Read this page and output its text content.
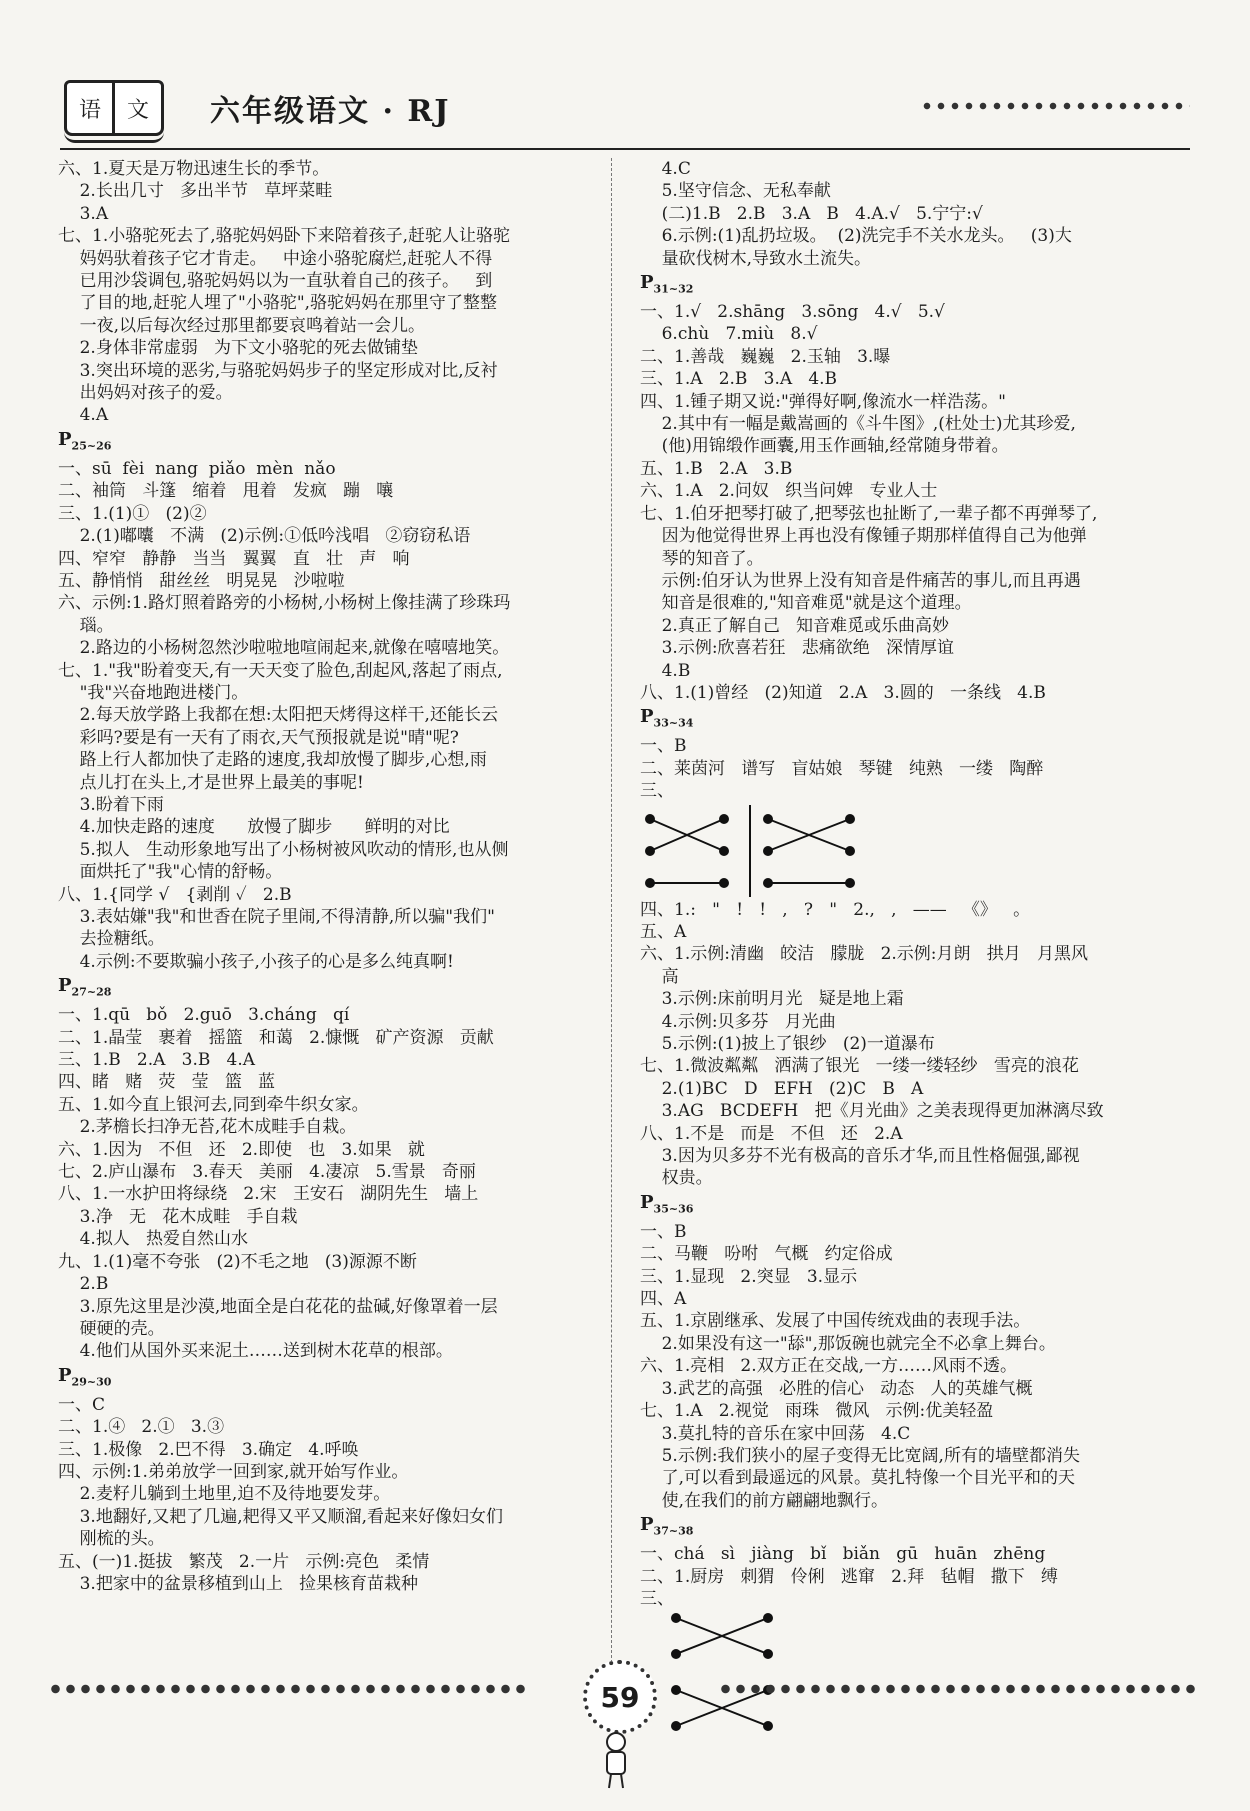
语	文	六年级语文 · RJ
六、1.夏天是万物迅速生长的季节。
2.长出几寸   多出半节   草坪菜畦
3.A
七、1.小骆驼死去了,骆驼妈妈卧下来陪着孩子,赶驼人让骆驼
妈妈驮着孩子它才肯走。   中途小骆驼腐烂,赶驼人不得
已用沙袋调包,骆驼妈妈以为一直驮着自己的孩子。   到
了目的地,赶驼人埋了"小骆驼",骆驼妈妈在那里守了整整
一夜,以后每次经过那里都要哀鸣着站一会儿。
2.身体非常虚弱   为下文小骆驼的死去做铺垫
3.突出环境的恶劣,与骆驼妈妈步子的坚定形成对比,反衬
出妈妈对孩子的爱。
4.A
$P_{25\sim 26}$
一、sū  fèi  nang  piǎo  mèn  nǎo
二、袖筒   斗篷   缩着   甩着   发疯   蹦   嚷
三、1.(1)①   (2)②
2.(1)嘟囔   不满   (2)示例:①低吟浅唱   ②窃窃私语
四、窄窄   静静   当当   翼翼   直   壮   声   响
五、静悄悄   甜丝丝   明晃晃   沙啦啦
六、示例:1.路灯照着路旁的小杨树,小杨树上像挂满了珍珠玛
瑙。
2.路边的小杨树忽然沙啦啦地喧闹起来,就像在嘻嘻地笑。
七、1."我"盼着变天,有一天天变了脸色,刮起风,落起了雨点,
"我"兴奋地跑进楼门。
2.每天放学路上我都在想:太阳把天烤得这样干,还能长云
彩吗?要是有一天有了雨衣,天气预报就是说"晴"呢?
路上行人都加快了走路的速度,我却放慢了脚步,心想,雨
点儿打在头上,才是世界上最美的事呢!
3.盼着下雨
4.加快走路的速度      放慢了脚步      鲜明的对比
5.拟人   生动形象地写出了小杨树被风吹动的情形,也从侧
面烘托了"我"心情的舒畅。
八、1.{同学 √   {剥削 ✓   2.B
3.表姑嫌"我"和世香在院子里闹,不得清静,所以骗"我们"
去捡糖纸。
4.示例:不要欺骗小孩子,小孩子的心是多么纯真啊!
$P_{27\sim 28}$
一、1.qū   bǒ   2.guō   3.cháng   qí
二、1.晶莹   裹着   摇篮   和蔼   2.慷慨   矿产资源   贡献
三、1.B   2.A   3.B   4.A
四、睹   赌   荧   莹   篮   蓝
五、1.如今直上银河去,同到牵牛织女家。
2.茅檐长扫净无苔,花木成畦手自栽。
六、1.因为   不但   还   2.即使   也   3.如果   就
七、2.庐山瀑布   3.春天   美丽   4.凄凉   5.雪景   奇丽
八、1.一水护田将绿绕   2.宋   王安石   湖阴先生   墙上
3.净   无   花木成畦   手自栽
4.拟人   热爱自然山水
九、1.(1)毫不夸张   (2)不毛之地   (3)源源不断
2.B
3.原先这里是沙漠,地面全是白花花的盐碱,好像罩着一层
硬硬的壳。
4.他们从国外买来泥土……送到树木花草的根部。
$P_{29\sim 30}$
一、C
二、1.④   2.①   3.③
三、1.极像   2.巴不得   3.确定   4.呼唤
四、示例:1.弟弟放学一回到家,就开始写作业。
2.麦籽儿躺到土地里,迫不及待地要发芽。
3.地翻好,又耙了几遍,耙得又平又顺溜,看起来好像妇女们
刚梳的头。
五、(一)1.挺拔   繁茂   2.一片   示例:亮色   柔情
3.把家中的盆景移植到山上   捡果核育苗栽种
4.C
5.坚守信念、无私奉献
(二)1.B   2.B   3.A   B   4.A.√   5.宁宁:√
6.示例:(1)乱扔垃圾。  (2)洗完手不关水龙头。   (3)大
量砍伐树木,导致水土流失。
$P_{31\sim 32}$
一、1.√   2.shāng   3.sōng   4.√   5.√
6.chù   7.miù   8.√
二、1.善哉   巍巍   2.玉轴   3.曝
三、1.A   2.B   3.A   4.B
四、1.锺子期又说:"弹得好啊,像流水一样浩荡。"
2.其中有一幅是戴嵩画的《斗牛图》,(杜处士)尤其珍爱,
(他)用锦缎作画囊,用玉作画轴,经常随身带着。
五、1.B   2.A   3.B
六、1.A   2.问奴   织当问婢   专业人士
七、1.伯牙把琴打破了,把琴弦也扯断了,一辈子都不再弹琴了,
因为他觉得世界上再也没有像锺子期那样值得自己为他弹
琴的知音了。
示例:伯牙认为世界上没有知音是件痛苦的事儿,而且再遇
知音是很难的,"知音难觅"就是这个道理。
2.真正了解自己   知音难觅或乐曲高妙
3.示例:欣喜若狂   悲痛欲绝   深情厚谊
4.B
八、1.(1)曾经   (2)知道   2.A   3.圆的   一条线   4.B
$P_{33\sim 34}$
一、B
二、莱茵河   谱写   盲姑娘   琴键   纯熟   一缕   陶醉
三、
四、1.:   "   !   !   ,   ?   "   2.,   ,   ——   《》   。
五、A
六、1.示例:清幽   皎洁   朦胧   2.示例:月朗   拱月   月黑风
高
3.示例:床前明月光   疑是地上霜
4.示例:贝多芬   月光曲
5.示例:(1)披上了银纱   (2)一道瀑布
七、1.微波粼粼   洒满了银光   一缕一缕轻纱   雪亮的浪花
2.(1)BC   D   EFH   (2)C   B   A
3.AG   BCDEFH   把《月光曲》之美表现得更加淋漓尽致
八、1.不是   而是   不但   还   2.A
3.因为贝多芬不光有极高的音乐才华,而且性格倔强,鄙视
权贵。
$P_{35\sim 36}$
一、B
二、马鞭   吩咐   气概   约定俗成
三、1.显现   2.突显   3.显示
四、A
五、1.京剧继承、发展了中国传统戏曲的表现手法。
2.如果没有这一"舔",那饭碗也就完全不必拿上舞台。
六、1.亮相   2.双方正在交战,一方……风雨不透。
3.武艺的高强   必胜的信心   动态   人的英雄气概
七、1.A   2.视觉   雨珠   微风   示例:优美轻盈
3.莫扎特的音乐在家中回荡   4.C
5.示例:我们狭小的屋子变得无比宽阔,所有的墙壁都消失
了,可以看到最遥远的风景。莫扎特像一个目光平和的天
使,在我们的前方翩翩地飘行。
$P_{37\sim 38}$
一、chá   sì   jiàng   bǐ   biǎn   gū   huān   zhēng
二、1.厨房   刺猬   伶俐   逃窜   2.拜   毡帽   撒下   缚
三、
59
